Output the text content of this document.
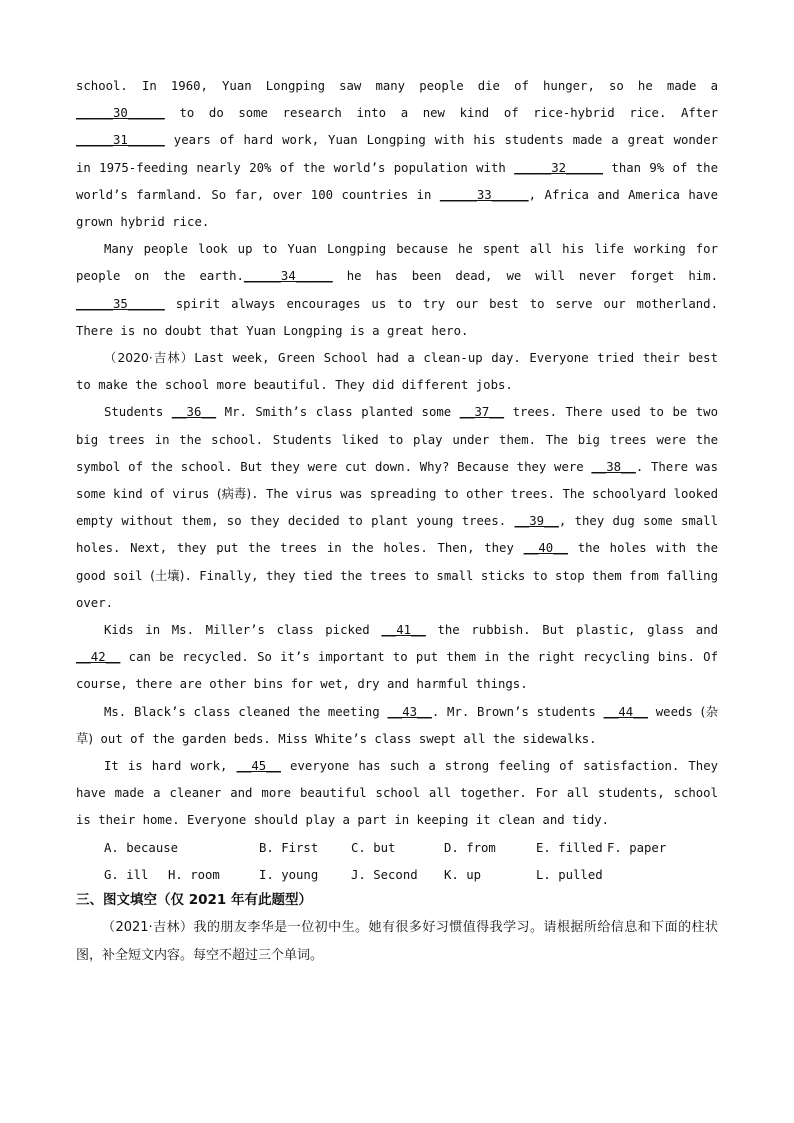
school. In 1960, Yuan Longping saw many people die of hunger, so he made a _____30_____ to do some research into a new kind of rice-hybrid rice. After _____31_____ years of hard work, Yuan Longping with his students made a great wonder in 1975-feeding nearly 20% of the world’s population with _____32_____ than 9% of the world’s farmland. So far, over 100 countries in _____33_____, Africa and America have grown hybrid rice.

Many people look up to Yuan Longping because he spent all his life working for people on the earth._____34_____ he has been dead, we will never forget him. _____35_____ spirit always encourages us to try our best to serve our motherland. There is no doubt that Yuan Longping is a great hero.

（2020·吉林）Last week, Green School had a clean-up day. Everyone tried their best to make the school more beautiful. They did different jobs.

Students __36__ Mr. Smith’s class planted some __37__ trees. There used to be two big trees in the school. Students liked to play under them. The big trees were the symbol of the school. But they were cut down. Why? Because they were __38__. There was some kind of virus (病毒). The virus was spreading to other trees. The schoolyard looked empty without them, so they decided to plant young trees. __39__, they dug some small holes. Next, they put the trees in the holes. Then, they __40__ the holes with the good soil (土壤). Finally, they tied the trees to small sticks to stop them from falling over.

Kids in Ms. Miller’s class picked __41__ the rubbish. But plastic, glass and __42__ can be recycled. So it’s important to put them in the right recycling bins. Of course, there are other bins for wet, dry and harmful things.

Ms. Black’s class cleaned the meeting __43__. Mr. Brown’s students __44__ weeds (杂草) out of the garden beds. Miss White’s class swept all the sidewalks.

It is hard work, __45__ everyone has such a strong feeling of satisfaction. They have made a cleaner and more beautiful school all together. For all students, school is their home. Everyone should play a part in keeping it clean and tidy.

A. because	B. First	C. but	D. from	E. filled F. paper
G. ill	H. room	I. young	J. Second	K. up	L. pulled
三、图文填空（仅 2021 年有此题型）
（2021·吉林）我的朋友李华是一位初中生。她有很多好习惯值得我学习。请根据所给信息和下面的柱状图，补全短文内容。每空不超过三个单词。
